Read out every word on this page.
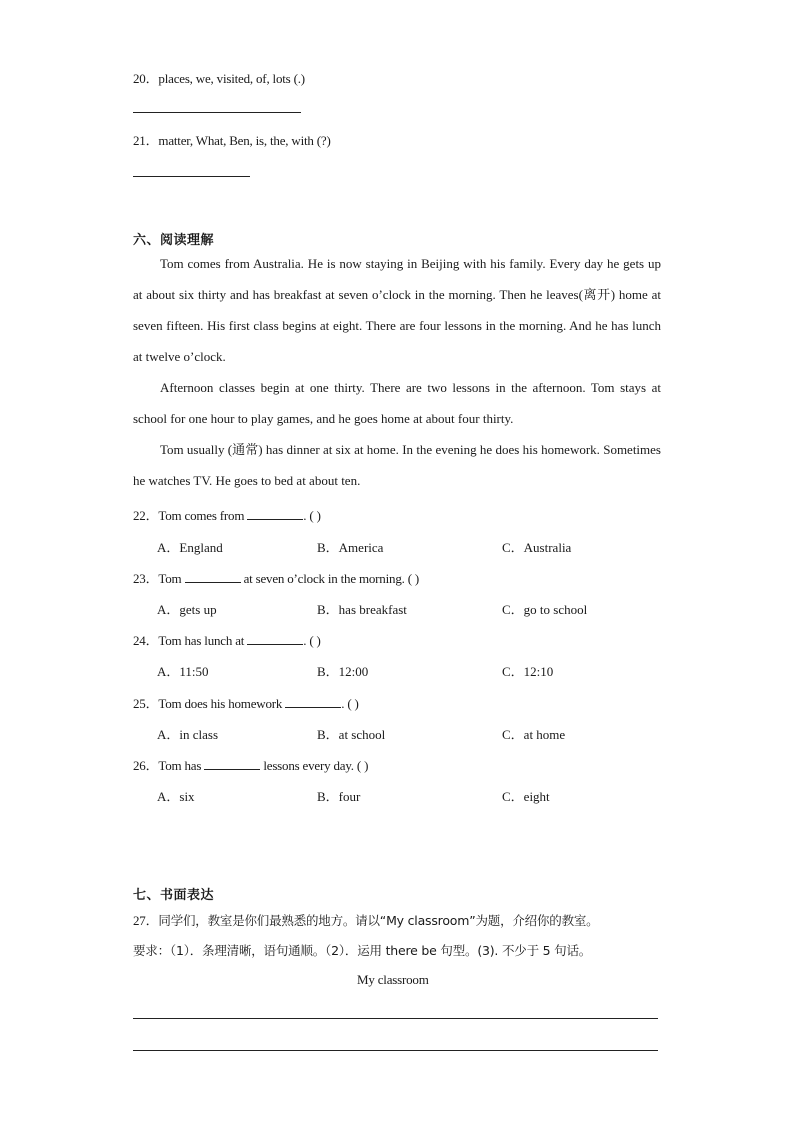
20．places, we, visited, of, lots (.)
21．matter, What, Ben, is, the, with (?)
六、阅读理解

Tom comes from Australia. He is now staying in Beijing with his family. Every day he gets up at about six thirty and has breakfast at seven o’clock in the morning. Then he leaves(离开) home at seven fifteen. His first class begins at eight. There are four lessons in the morning. And he has lunch at twelve o’clock.

Afternoon classes begin at one thirty. There are two lessons in the afternoon. Tom stays at school for one hour to play games, and he goes home at about four thirty.

Tom usually (通常) has dinner at six at home. In the evening he does his homework. Sometimes he watches TV. He goes to bed at about ten.

22．Tom comes from	. ( )
A．England	B．America	C．Australia
23．Tom	at seven o’clock in the morning. ( )
A．gets up	B．has breakfast	C．go to school
24．Tom has lunch at	. ( )
A．11:50	B．12:00	C．12:10
25．Tom does his homework	. ( )
A．in class	B．at school	C．at home
26．Tom has	lessons every day. ( )
A．six	B．four	C．eight
七、书面表达
27．同学们，教室是你们最熟悉的地方。请以“My classroom”为题，介绍你的教室。
要求：（1）．条理清晰，语句通顺。（2）．运用 there be 句型。(3). 不少于 5 句话。
My classroom
